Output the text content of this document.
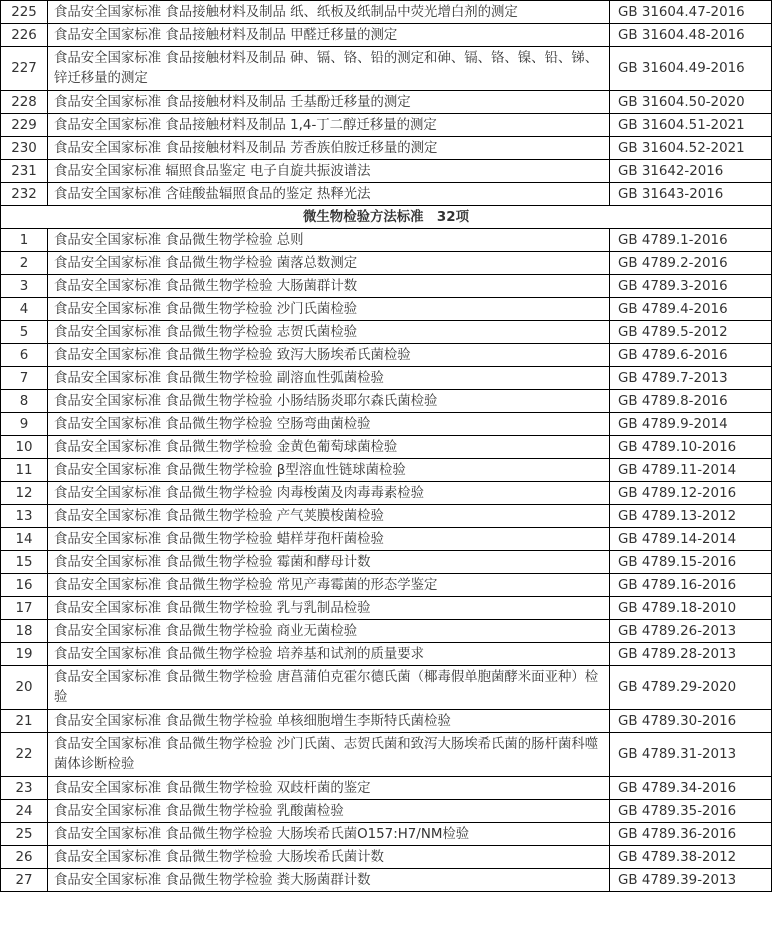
225	食品安全国家标准 食品接触材料及制品 纸、纸板及纸制品中荧光增白剂的测定	GB 31604.47-2016
226	食品安全国家标准 食品接触材料及制品 甲醛迁移量的测定	GB 31604.48-2016
227	食品安全国家标准 食品接触材料及制品 砷、镉、铬、铅的测定和砷、镉、铬、镍、铅、锑、锌迁移量的测定	GB 31604.49-2016
228	食品安全国家标准 食品接触材料及制品 壬基酚迁移量的测定	GB 31604.50-2020
229	食品安全国家标准 食品接触材料及制品 1,4-丁二醇迁移量的测定	GB 31604.51-2021
230	食品安全国家标准 食品接触材料及制品 芳香族伯胺迁移量的测定	GB 31604.52-2021
231	食品安全国家标准 辐照食品鉴定 电子自旋共振波谱法	GB 31642-2016
232	食品安全国家标准 含硅酸盐辐照食品的鉴定 热释光法	GB 31643-2016
微生物检验方法标准　32项		
1	食品安全国家标准 食品微生物学检验 总则	GB 4789.1-2016
2	食品安全国家标准 食品微生物学检验 菌落总数测定	GB 4789.2-2016
3	食品安全国家标准 食品微生物学检验 大肠菌群计数	GB 4789.3-2016
4	食品安全国家标准 食品微生物学检验 沙门氏菌检验	GB 4789.4-2016
5	食品安全国家标准 食品微生物学检验 志贺氏菌检验	GB 4789.5-2012
6	食品安全国家标准 食品微生物学检验 致泻大肠埃希氏菌检验	GB 4789.6-2016
7	食品安全国家标准 食品微生物学检验 副溶血性弧菌检验	GB 4789.7-2013
8	食品安全国家标准 食品微生物学检验 小肠结肠炎耶尔森氏菌检验	GB 4789.8-2016
9	食品安全国家标准 食品微生物学检验 空肠弯曲菌检验	GB 4789.9-2014
10	食品安全国家标准 食品微生物学检验 金黄色葡萄球菌检验	GB 4789.10-2016
11	食品安全国家标准 食品微生物学检验 β型溶血性链球菌检验	GB 4789.11-2014
12	食品安全国家标准 食品微生物学检验 肉毒梭菌及肉毒毒素检验	GB 4789.12-2016
13	食品安全国家标准 食品微生物学检验 产气荚膜梭菌检验	GB 4789.13-2012
14	食品安全国家标准 食品微生物学检验 蜡样芽孢杆菌检验	GB 4789.14-2014
15	食品安全国家标准 食品微生物学检验 霉菌和酵母计数	GB 4789.15-2016
16	食品安全国家标准 食品微生物学检验 常见产毒霉菌的形态学鉴定	GB 4789.16-2016
17	食品安全国家标准 食品微生物学检验 乳与乳制品检验	GB 4789.18-2010
18	食品安全国家标准 食品微生物学检验 商业无菌检验	GB 4789.26-2013
19	食品安全国家标准 食品微生物学检验 培养基和试剂的质量要求	GB 4789.28-2013
20	食品安全国家标准 食品微生物学检验 唐菖蒲伯克霍尔德氏菌（椰毒假单胞菌酵米面亚种）检验	GB 4789.29-2020
21	食品安全国家标准 食品微生物学检验 单核细胞增生李斯特氏菌检验	GB 4789.30-2016
22	食品安全国家标准 食品微生物学检验 沙门氏菌、志贺氏菌和致泻大肠埃希氏菌的肠杆菌科噬菌体诊断检验	GB 4789.31-2013
23	食品安全国家标准 食品微生物学检验 双歧杆菌的鉴定	GB 4789.34-2016
24	食品安全国家标准 食品微生物学检验 乳酸菌检验	GB 4789.35-2016
25	食品安全国家标准 食品微生物学检验 大肠埃希氏菌O157:H7/NM检验	GB 4789.36-2016
26	食品安全国家标准 食品微生物学检验 大肠埃希氏菌计数	GB 4789.38-2012
27	食品安全国家标准 食品微生物学检验 粪大肠菌群计数	GB 4789.39-2013
